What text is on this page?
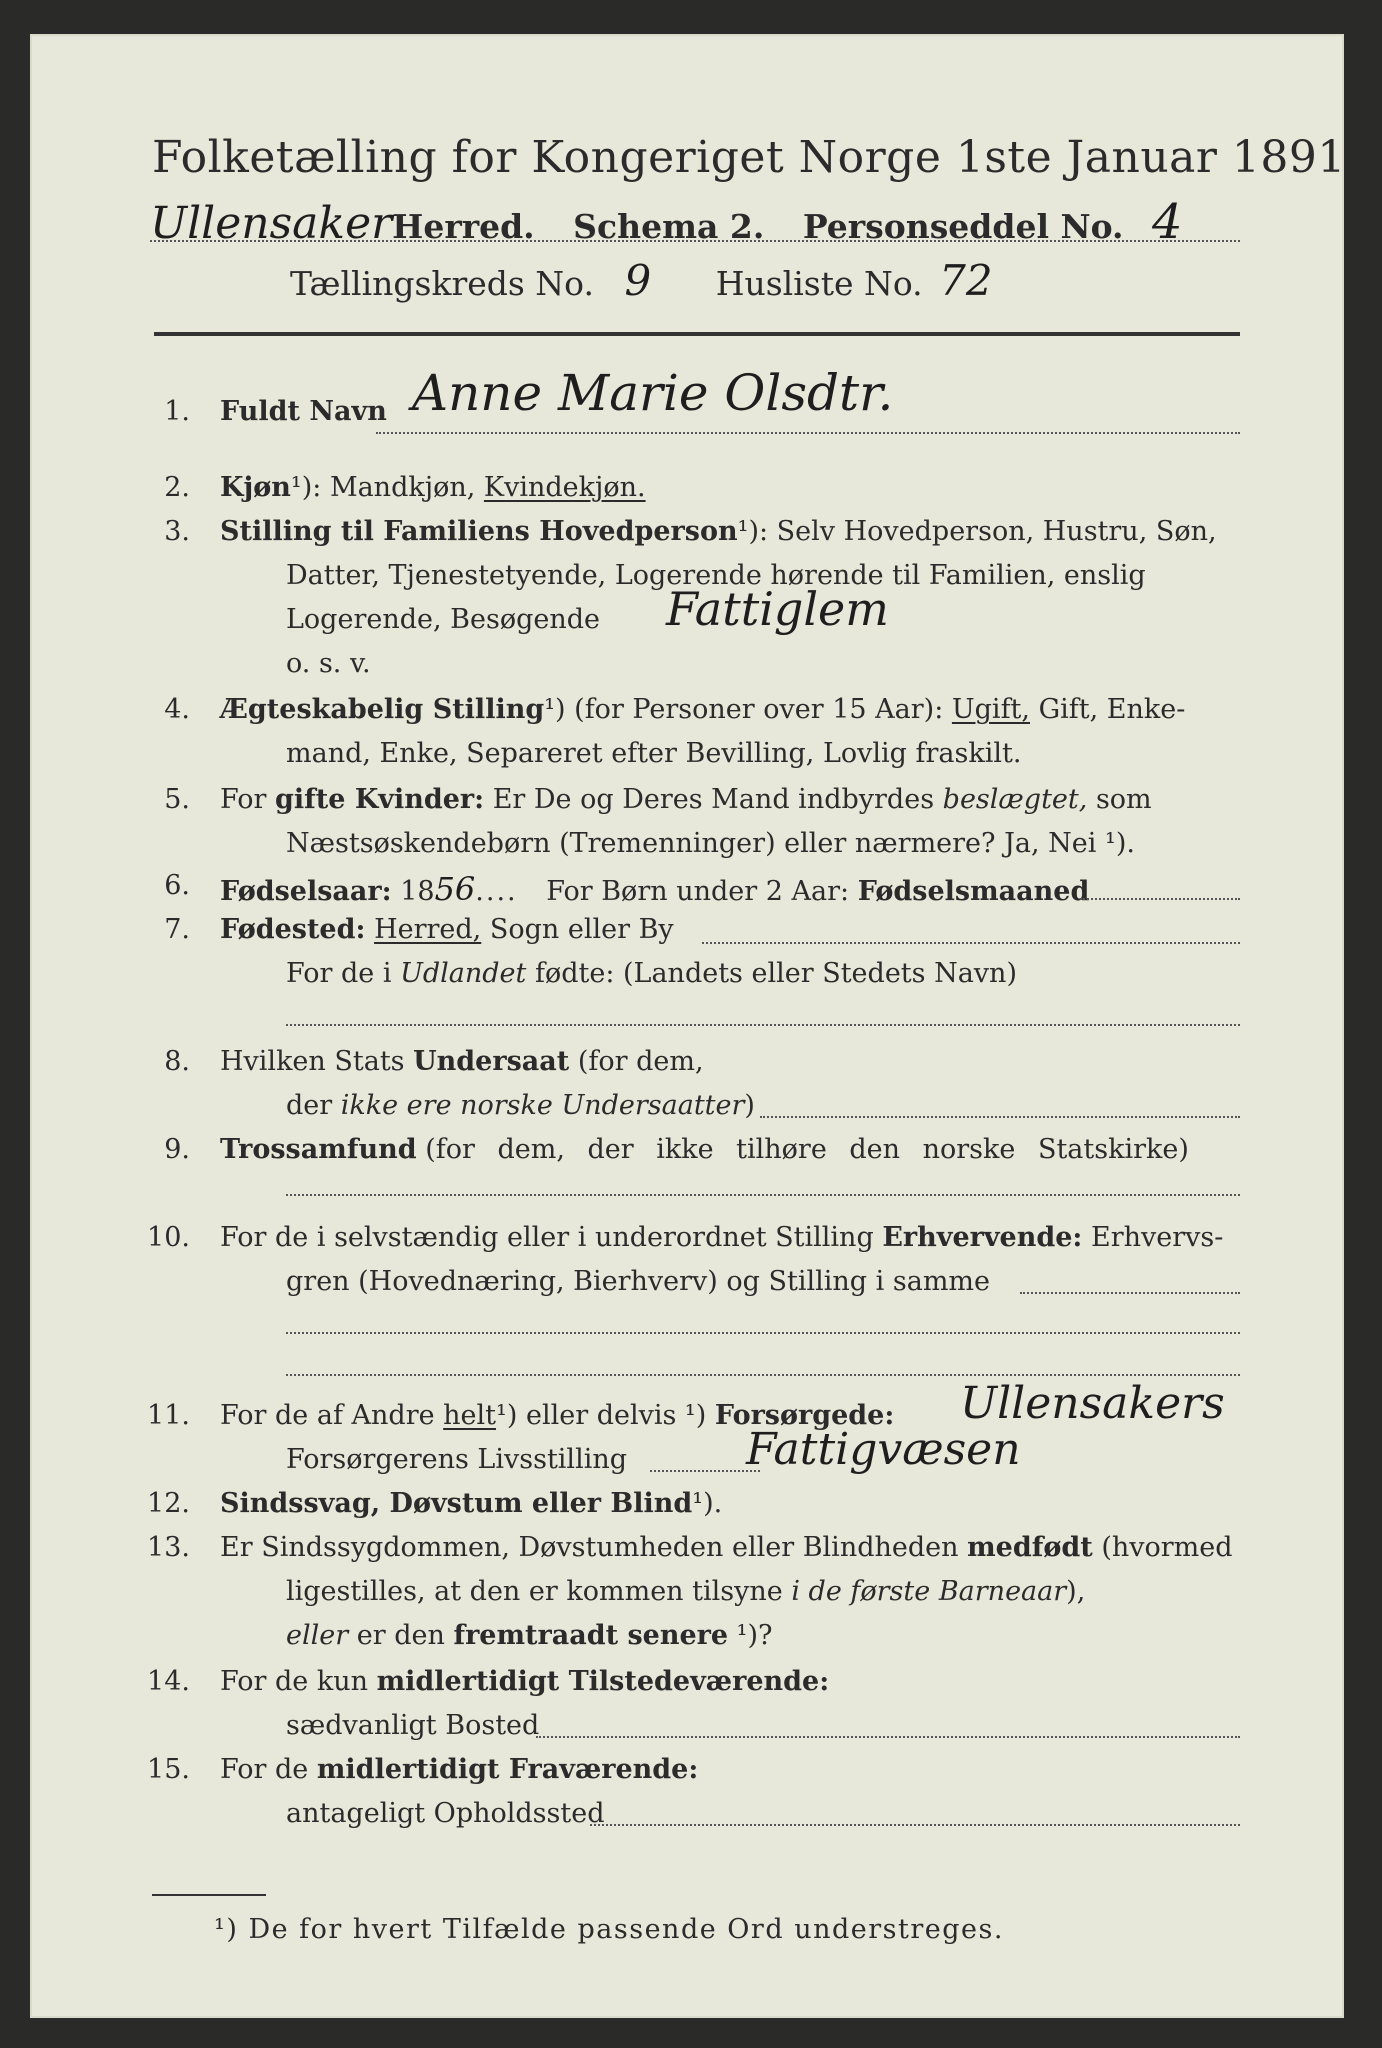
Folketælling for Kongeriget Norge 1ste Januar 1891.
UllensakerHerred. Schema 2. Personseddel No. 4
Tællingskreds No. 9 Husliste No. 72
1. Fuldt Navn Anne Marie Olsdtr.
2. Kjøn¹): Mandkjøn, Kvindekjøn.
3. Stilling til Familiens Hovedperson¹): Selv Hovedperson, Hustru, Søn,
Datter, Tjenestetyende, Logerende hørende til Familien, enslig
Logerende, Besøgende Fattiglem
o. s. v.
4. Ægteskabelig Stilling¹) (for Personer over 15 Aar): Ugift, Gift, Enke-
mand, Enke, Separeret efter Bevilling, Lovlig fraskilt.
5. For gifte Kvinder: Er De og Deres Mand indbyrdes beslægtet, som
Næstsøskendebørn (Tremenninger) eller nærmere? Ja, Nei ¹).
6. Fødselsaar: 1856.... For Børn under 2 Aar: Fødselsmaaned
7. Fødested: Herred, Sogn eller By
For de i Udlandet fødte: (Landets eller Stedets Navn)
8. Hvilken Stats Undersaat (for dem,
der ikke ere norske Undersaatter)
9. Trossamfund (for dem, der ikke tilhøre den norske Statskirke)
10. For de i selvstændig eller i underordnet Stilling Erhvervende: Erhvervs-
gren (Hovednæring, Bierhverv) og Stilling i samme
11. For de af Andre helt¹) eller delvis ¹) Forsørgede: Ullensakers
Forsørgerens Livsstilling	Fattigvæsen
12. Sindssvag, Døvstum eller Blind¹).
13. Er Sindssygdommen, Døvstumheden eller Blindheden medfødt (hvormed
ligestilles, at den er kommen tilsyne i de første Barneaar),
eller er den fremtraadt senere ¹)?
14. For de kun midlertidigt Tilstedeværende:
sædvanligt Bosted
15. For de midlertidigt Fraværende:
antageligt Opholdssted
¹) De for hvert Tilfælde passende Ord understreges.
